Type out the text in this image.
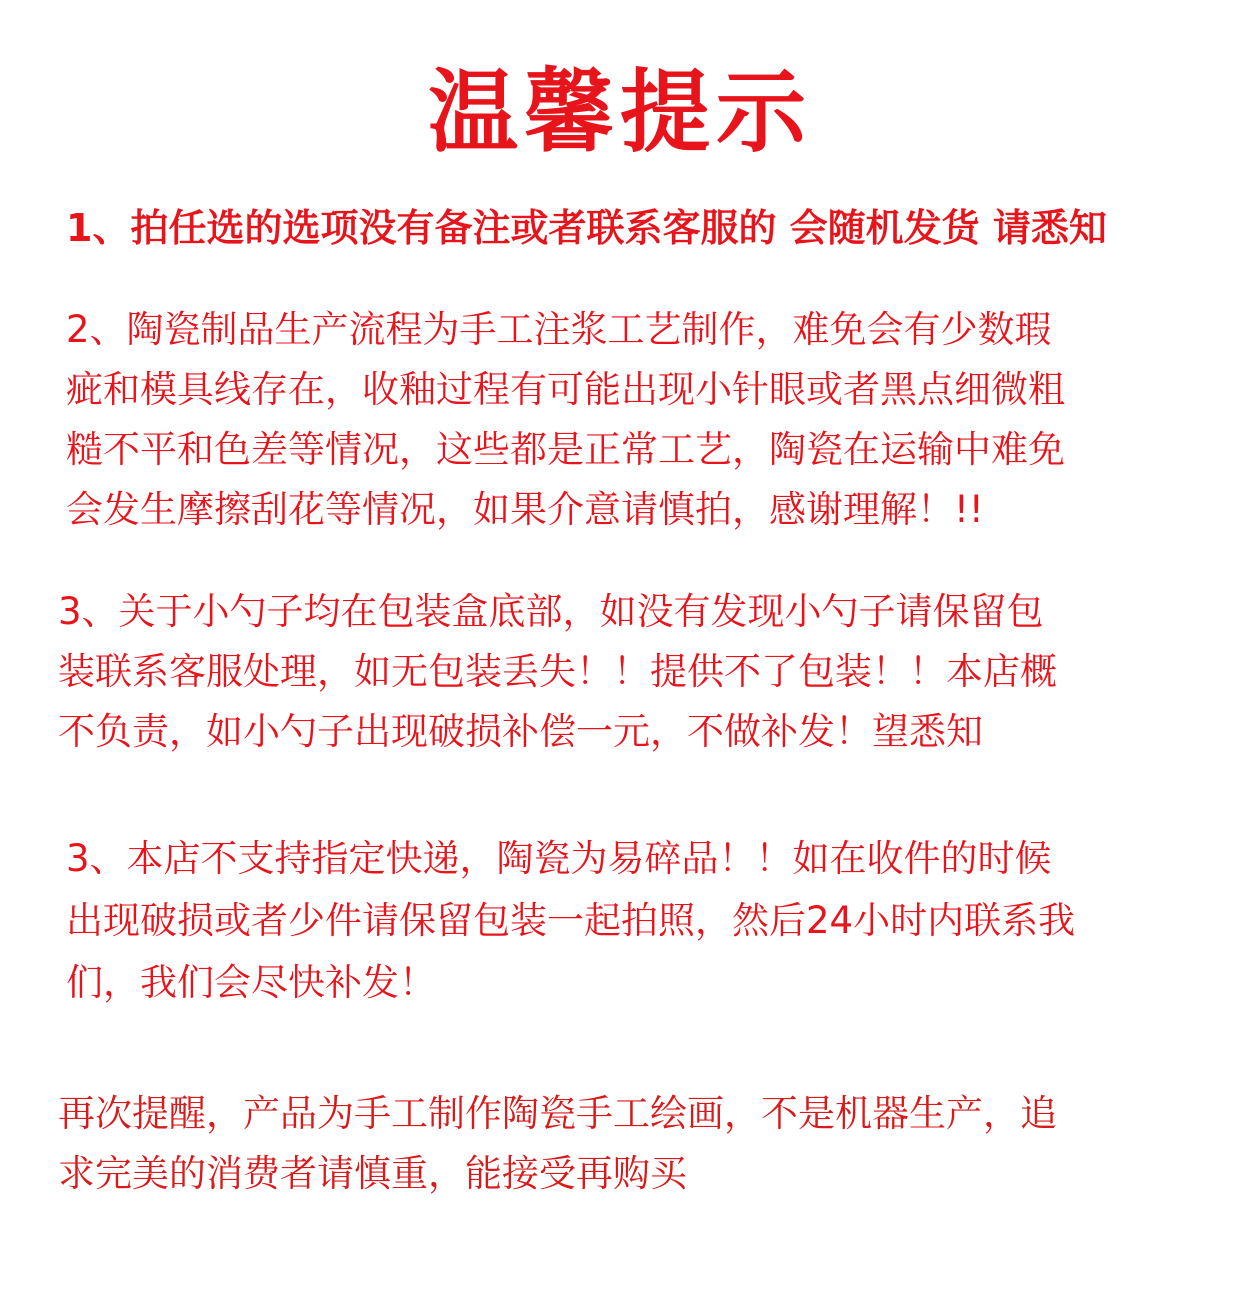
温馨提示
1、拍任选的选项没有备注或者联系客服的 会随机发货 请悉知
2、陶瓷制品生产流程为手工注浆工艺制作，难免会有少数瑕
疵和模具线存在，收釉过程有可能出现小针眼或者黑点细微粗
糙不平和色差等情况，这些都是正常工艺，陶瓷在运输中难免
会发生摩擦刮花等情况，如果介意请慎拍，感谢理解！!!
3、关于小勺子均在包装盒底部，如没有发现小勺子请保留包
装联系客服处理，如无包装丢失！！提供不了包装！！本店概
不负责，如小勺子出现破损补偿一元，不做补发！望悉知
3、本店不支持指定快递，陶瓷为易碎品！！如在收件的时候
出现破损或者少件请保留包装一起拍照，然后24小时内联系我
们，我们会尽快补发！
再次提醒，产品为手工制作陶瓷手工绘画，不是机器生产，追
求完美的消费者请慎重，能接受再购买
